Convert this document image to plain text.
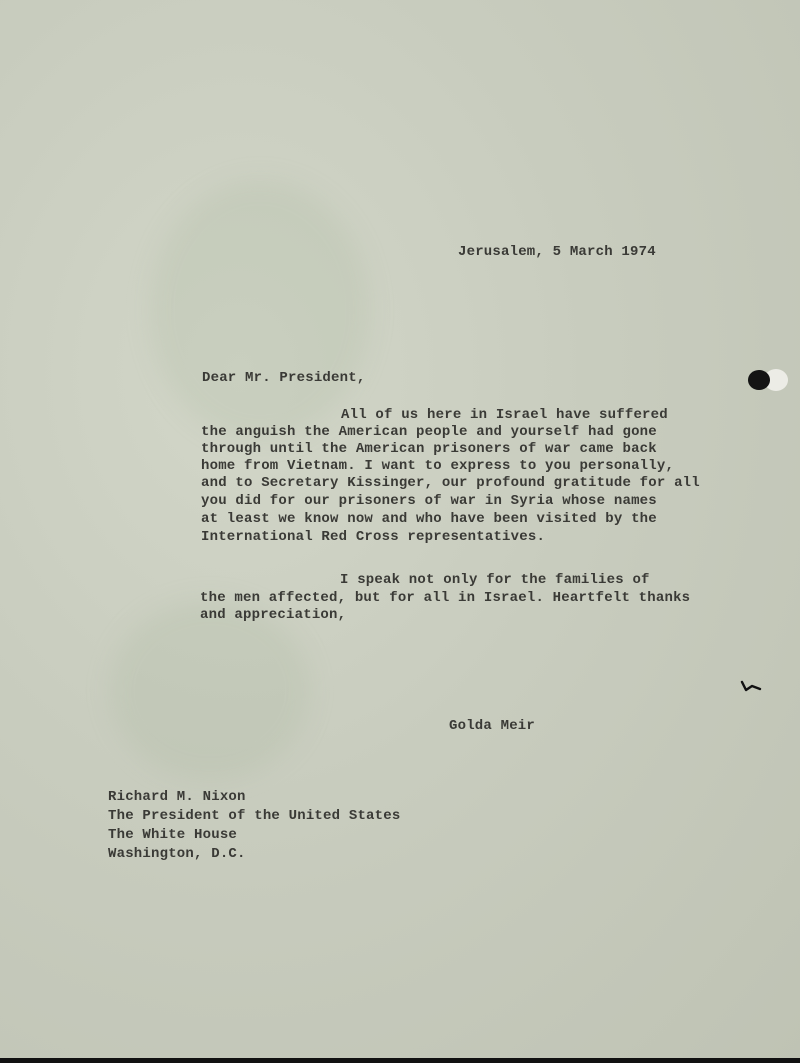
Jerusalem, 5 March 1974
Dear Mr. President,
All of us here in Israel have suffered
the anguish the American people and yourself had gone
through until the American prisoners of war came back
home from Vietnam. I want to express to you personally,
and to Secretary Kissinger, our profound gratitude for all
you did for our prisoners of war in Syria whose names
at least we know now and who have been visited by the
International Red Cross representatives.
I speak not only for the families of
the men affected, but for all in Israel. Heartfelt thanks
and appreciation,
Golda Meir
Richard M. Nixon
The President of the United States
The White House
Washington, D.C.
